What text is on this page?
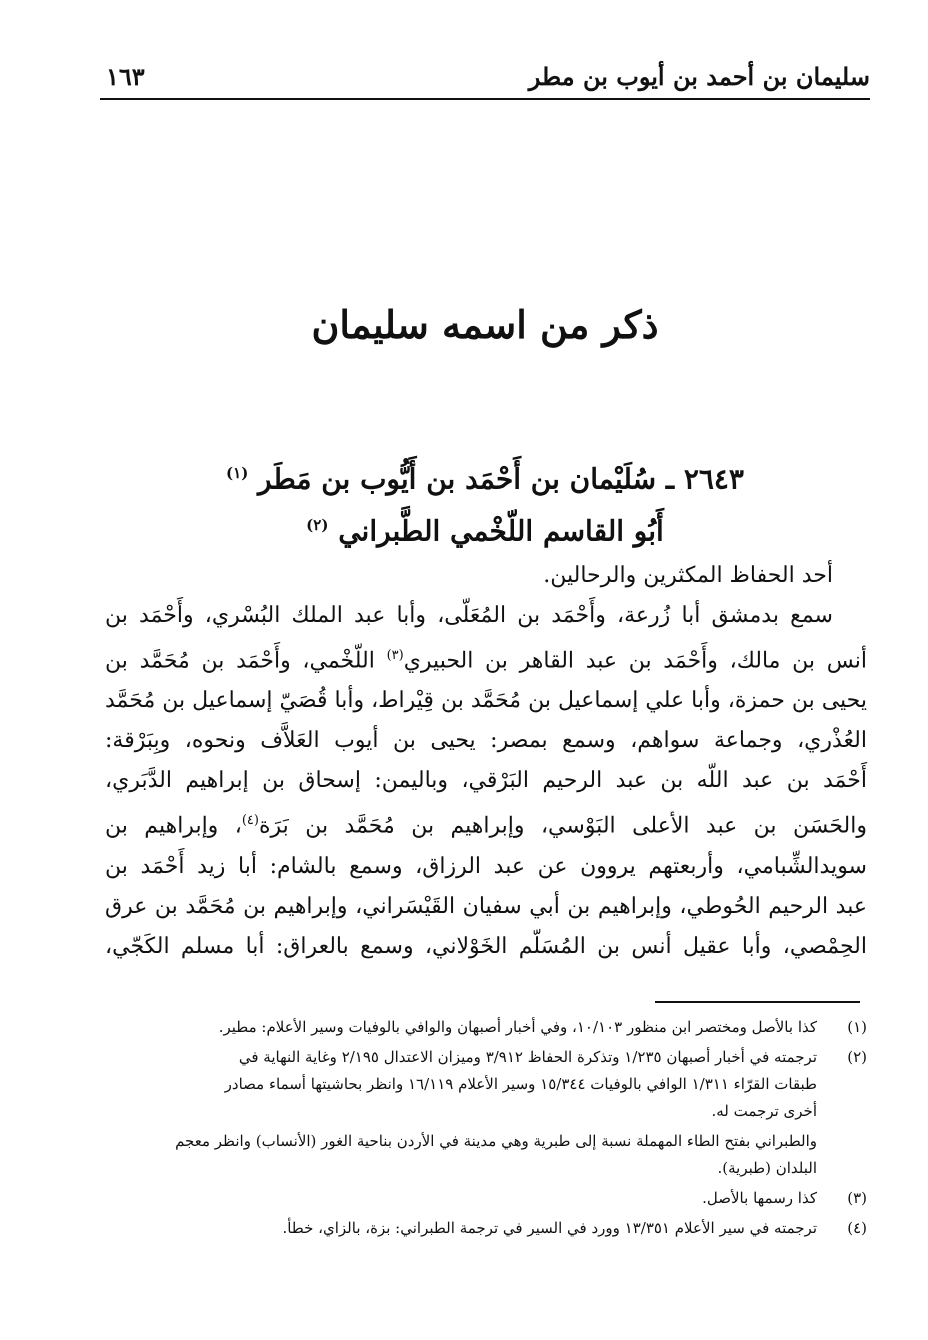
سليمان بن أحمد بن أيوب بن مطر
١٦٣
ذكر من اسمه سليمان
٢٦٤٣ ـ سُلَيْمان بن أَحْمَد بن أَيُّوب بن مَطَر $^{(١)}$
أَبُو القاسم اللّخْمي الطَّبراني $^{(٢)}$
أحد الحفاظ المكثرين والرحالين.
سمع بدمشق أبا زُرعة، وأَحْمَد بن المُعَلّى، وأبا عبد الملك البُسْري، وأَحْمَد بن
أنس بن مالك، وأَحْمَد بن عبد القاهر بن الحبيري$^{(٣)}$ اللّخْمي، وأَحْمَد بن مُحَمَّد بن
يحيى بن حمزة، وأبا علي إسماعيل بن مُحَمَّد بن قِيْراط، وأبا قُصَيّ إسماعيل بن مُحَمَّد
العُذْري، وجماعة سواهم، وسمع بمصر: يحيى بن أيوب العَلاَّف ونحوه، وبِبَرْقة:
أَحْمَد بن عبد اللّه بن عبد الرحيم البَرْقي، وباليمن: إسحاق بن إبراهيم الدَّبَري،
والحَسَن بن عبد الأعلى البَوْسي، وإبراهيم بن مُحَمَّد بن بَرَة$^{(٤)}$، وإبراهيم بن
سويدالشِّبامي، وأربعتهم يروون عن عبد الرزاق، وسمع بالشام: أبا زيد أَحْمَد بن
عبد الرحيم الحُوطي، وإبراهيم بن أبي سفيان القَيْسَراني، وإبراهيم بن مُحَمَّد بن عرق
الحِمْصي، وأبا عقيل أنس بن المُسَلّم الخَوْلاني، وسمع بالعراق: أبا مسلم الكَجّي،
(١)
كذا بالأصل ومختصر ابن منظور ١٠/١٠٣، وفي أخبار أصبهان والوافي بالوفيات وسير الأعلام: مطير.
(٢)
ترجمته في أخبار أصبهان ١/٢٣٥ وتذكرة الحفاظ ٣/٩١٢ وميزان الاعتدال ٢/١٩٥ وغاية النهاية في
طبقات القرّاء ١/٣١١ الوافي بالوفيات ١٥/٣٤٤ وسير الأعلام ١٦/١١٩ وانظر بحاشيتها أسماء مصادر
أخرى ترجمت له.
والطبراني بفتح الطاء المهملة نسبة إلى طبرية وهي مدينة في الأردن بناحية الغور (الأنساب) وانظر معجم
البلدان (طبرية).
(٣)
كذا رسمها بالأصل.
(٤)
ترجمته في سير الأعلام ١٣/٣٥١ وورد في السير في ترجمة الطبراني: بزة، بالزاي، خطأ.
